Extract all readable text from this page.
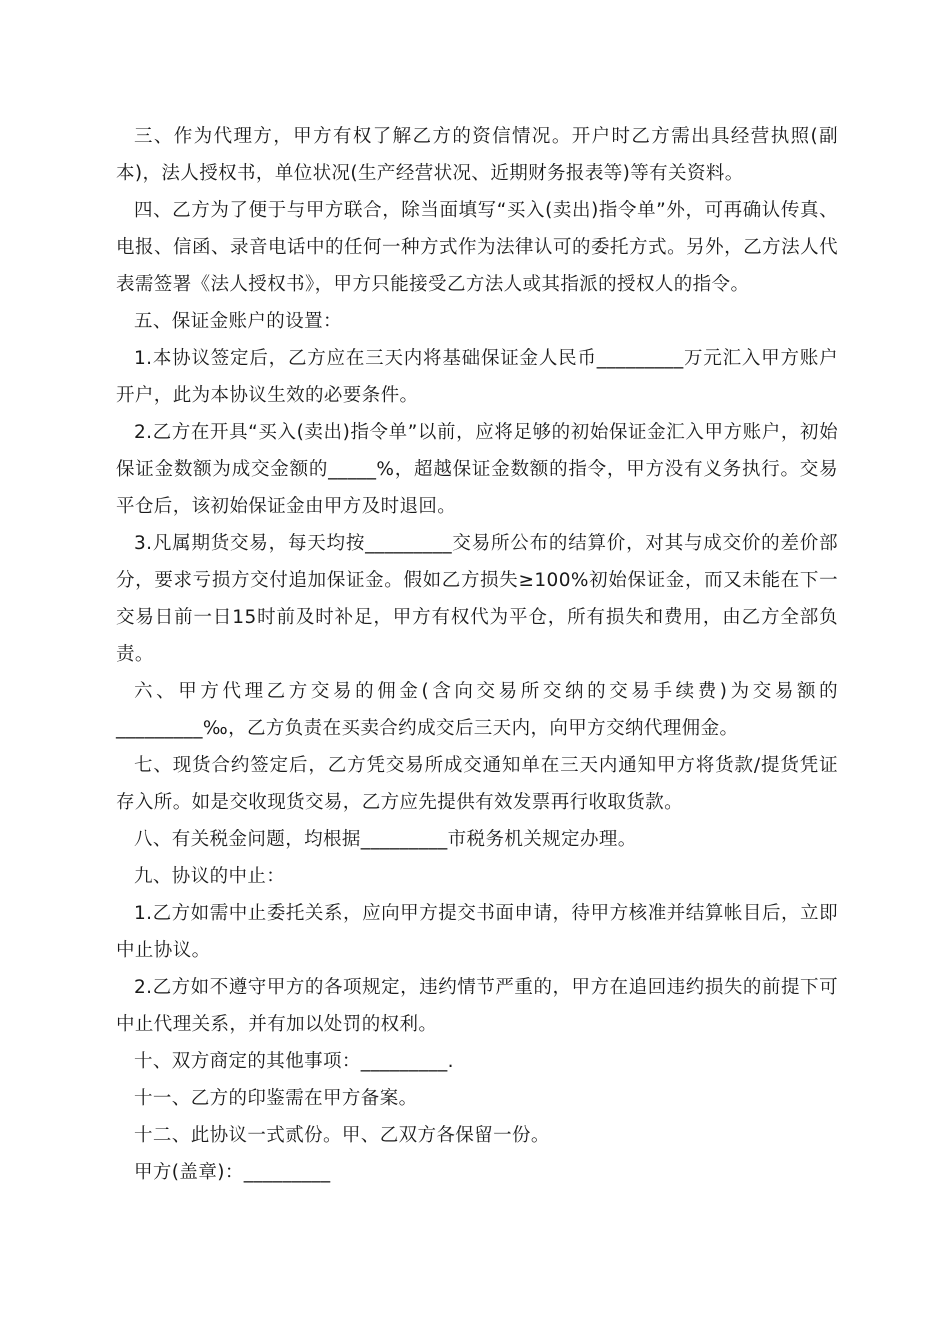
三、作为代理方，甲方有权了解乙方的资信情况。开户时乙方需出具经营执照(副本)，法人授权书，单位状况(生产经营状况、近期财务报表等)等有关资料。

四、乙方为了便于与甲方联合，除当面填写“买入(卖出)指令单”外，可再确认传真、电报、信函、录音电话中的任何一种方式作为法律认可的委托方式。另外，乙方法人代表需签署《法人授权书》，甲方只能接受乙方法人或其指派的授权人的指令。

五、保证金账户的设置：

1.本协议签定后，乙方应在三天内将基础保证金人民币_________万元汇入甲方账户开户，此为本协议生效的必要条件。

2.乙方在开具“买入(卖出)指令单”以前，应将足够的初始保证金汇入甲方账户，初始保证金数额为成交金额的_____%，超越保证金数额的指令，甲方没有义务执行。交易平仓后，该初始保证金由甲方及时退回。

3.凡属期货交易，每天均按_________交易所公布的结算价，对其与成交价的差价部分，要求亏损方交付追加保证金。假如乙方损失≥100%初始保证金，而又未能在下一交易日前一日15时前及时补足，甲方有权代为平仓，所有损失和费用，由乙方全部负责。

六、甲方代理乙方交易的佣金(含向交易所交纳的交易手续费)为交易额的_________‰，乙方负责在买卖合约成交后三天内，向甲方交纳代理佣金。

七、现货合约签定后，乙方凭交易所成交通知单在三天内通知甲方将货款/提货凭证存入所。如是交收现货交易，乙方应先提供有效发票再行收取货款。

八、有关税金问题，均根据_________市税务机关规定办理。

九、协议的中止：

1.乙方如需中止委托关系，应向甲方提交书面申请，待甲方核准并结算帐目后，立即中止协议。

2.乙方如不遵守甲方的各项规定，违约情节严重的，甲方在追回违约损失的前提下可中止代理关系，并有加以处罚的权利。

十、双方商定的其他事项：_________.

十一、乙方的印鉴需在甲方备案。

十二、此协议一式贰份。甲、乙双方各保留一份。

甲方(盖章)：_________
